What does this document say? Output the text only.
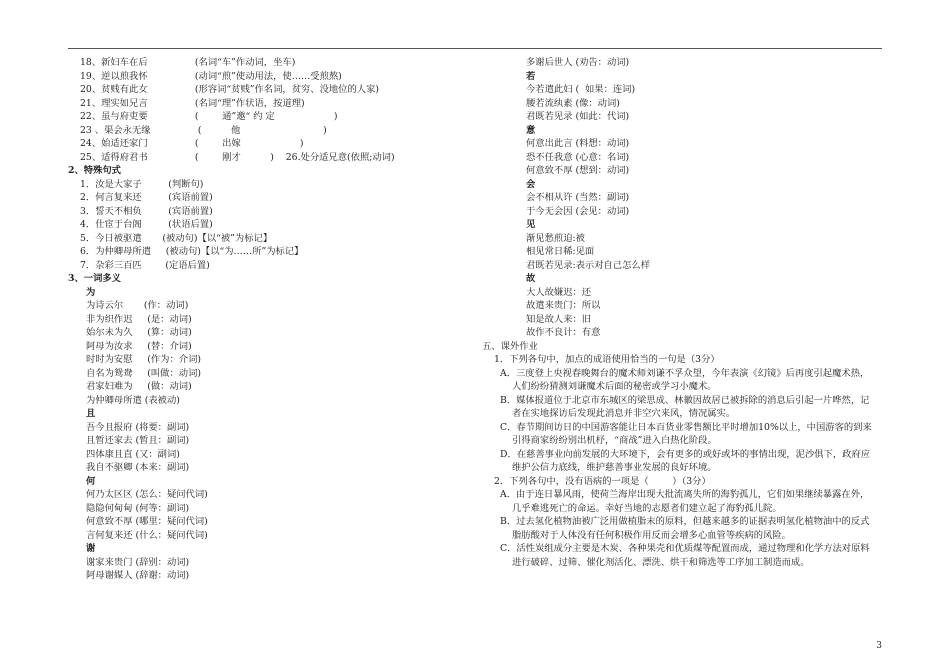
18、新妇车在后                (名词“车”作动词，坐车)
19、逆以煎我怀                (动词“煎”使动用法，使……受煎熬)
20、贫贱有此女                (形容词“贫贱”作名词，贫穷、没地位的人家)
21、理实如兄言                (名词“理”作状语，按道理)
22、虽与府吏要                (        通”邀“ 约 定                    )
23 、渠会永无缘                (          他                            )
24、始适还家门                (        出嫁                    )
25、适得府君书                (        刚才          )    26.处分适兄意(依照;动词)
2、特殊句式
1．汝是大家子         (判断句)
2．何言复来还         (宾语前置)
3．誓天不相负         (宾语前置)
4．仕宦于台阁         (状语后置)
5．今日被驱遣       (被动句)【以“被”为标记】
6．为仲卿母所遣     (被动句)【以“为……所”为标记】
7．杂彩三百匹        (定语后置)
3、一词多义
为
为诗云尔       (作：动词)
非为织作迟     (是：动词)
始尔未为久     (算：动词)
阿母为汝求     (替：介词)
时时为安慰     (作为：介词)
自名为鸳鸯     (叫做：动词)
君家妇难为     (做：动词)
为仲卿母所遣 (表被动)
且
吾今且报府 (将要：副词)
且暂还家去 (暂且：副词)
四体康且直 (又：副词)
我自不驱卿 (本来：副词)
何
何乃太区区 (怎么：疑问代词)
隐隐何甸甸 (何等：副词)
何意致不厚 (哪里：疑问代词)
言何复来还 (什么：疑问代词)
谢
谢家来贵门 (辞别：动词)
阿母谢媒人 (辞谢：动词)
多谢后世人 (劝告：动词)
若
今若遣此妇 (  如果：连词)
腰若流纨素 (像：动词)
君既若见录 (如此：代词)
意
何意出此言 (料想：动词)
恐不任我意 (心意：名词)
何意致不厚 (想到：动词)
会
会不相从许 (当然：副词)
于今无会因 (会见：动词)
见
渐见愁煎迫:被
相见常日稀:见面
君既若见录:表示对自己怎么样
故
大人故嫌迟：还
故遣来贵门：所以
知是故人来：旧
故作不良计：有意
五、课外作业
1．下列各句中，加点的成语使用恰当的一句是（3分）
A．三度登上央视春晚舞台的魔术师刘谦不孚众望，今年表演《幻镜》后再度引起魔术热，人们纷纷猜测刘谦魔术后面的秘密或学习小魔术。
B．媒体报道位于北京市东城区的梁思成、林徽因故居已被拆除的消息后引起一片哗然，记者在实地探访后发现此消息并非空穴来风，情况属实。
C．春节期间访日的中国游客能让日本百货业零售额比平时增加10%以上，中国游客的到来引得商家纷纷别出机杼，“商战”进入白热化阶段。
D．在慈善事业向前发展的大环境下，会有更多的或好或坏的事情出现，泥沙俱下，政府应维护公信力底线，维护慈善事业发展的良好环境。
2．下列各句中，没有语病的一项是（        ）（3分）
A．由于连日暴风雨，使荷兰海岸出现大批流离失所的海豹孤儿，它们如果继续暴露在外，几乎难逃死亡的命运。幸好当地的志愿者们建立起了海豹孤儿院。
B．过去氢化植物油被广泛用做植脂末的原料，但越来越多的证据表明氢化植物油中的反式脂肪酸对于人体没有任何积极作用反而会增多心血管等疾病的风险。
C．活性炭组成分主要是木炭、各种果壳和优质煤等配置而成，通过物理和化学方法对原料进行破碎、过筛、催化剂活化、漂洗、烘干和筛选等工序加工制造而成。
3
